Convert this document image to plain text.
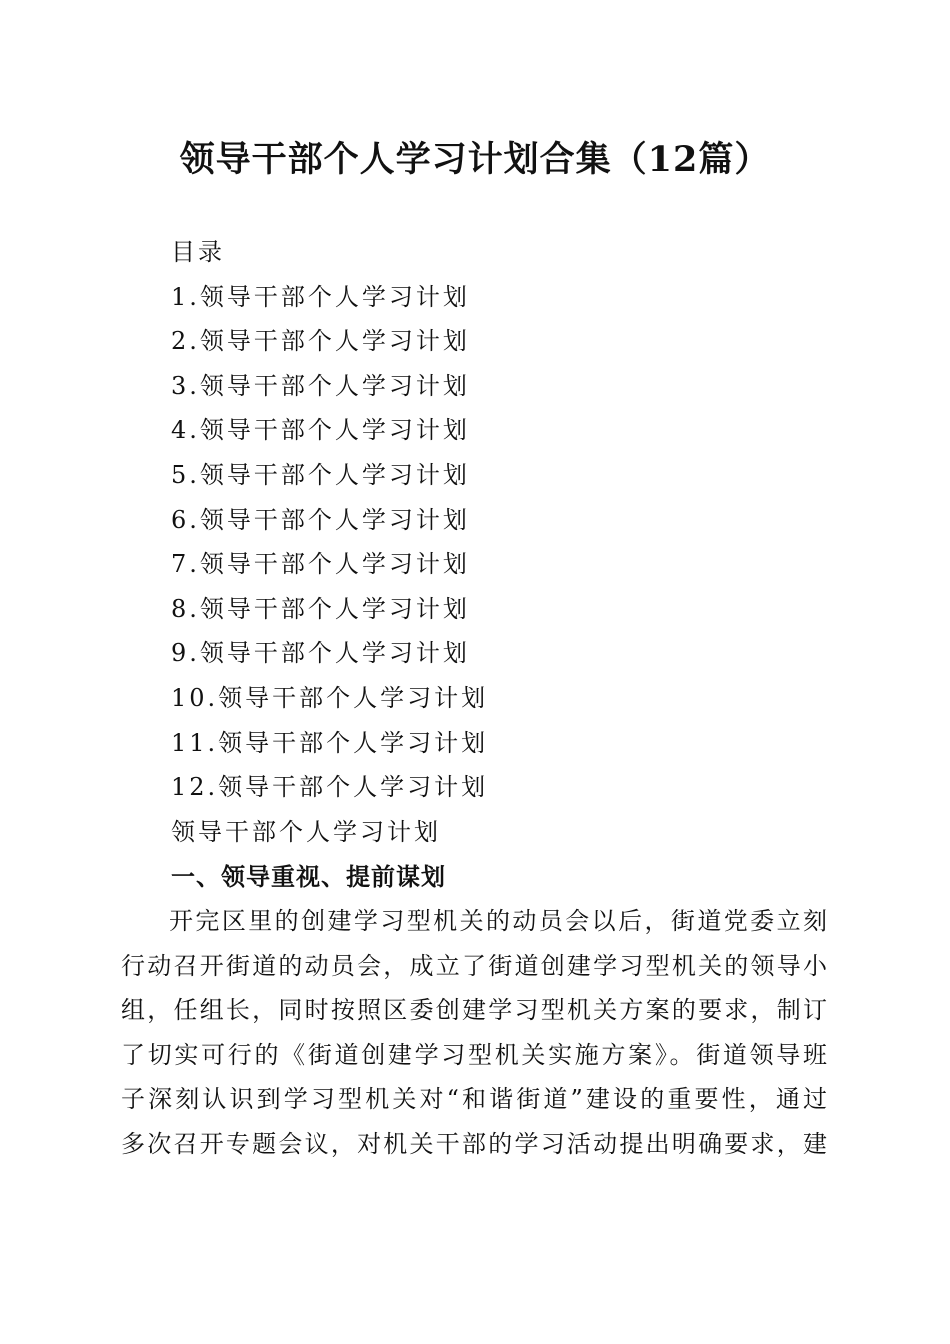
领导干部个人学习计划合集（12篇）
目录
1.领导干部个人学习计划
2.领导干部个人学习计划
3.领导干部个人学习计划
4.领导干部个人学习计划
5.领导干部个人学习计划
6.领导干部个人学习计划
7.领导干部个人学习计划
8.领导干部个人学习计划
9.领导干部个人学习计划
10.领导干部个人学习计划
11.领导干部个人学习计划
12.领导干部个人学习计划
领导干部个人学习计划
一、领导重视、提前谋划
开完区里的创建学习型机关的动员会以后，街道党委立刻
行动召开街道的动员会，成立了街道创建学习型机关的领导小
组，任组长，同时按照区委创建学习型机关方案的要求，制订
了切实可行的《街道创建学习型机关实施方案》。街道领导班
子深刻认识到学习型机关对“和谐街道”建设的重要性，通过
多次召开专题会议，对机关干部的学习活动提出明确要求，建
